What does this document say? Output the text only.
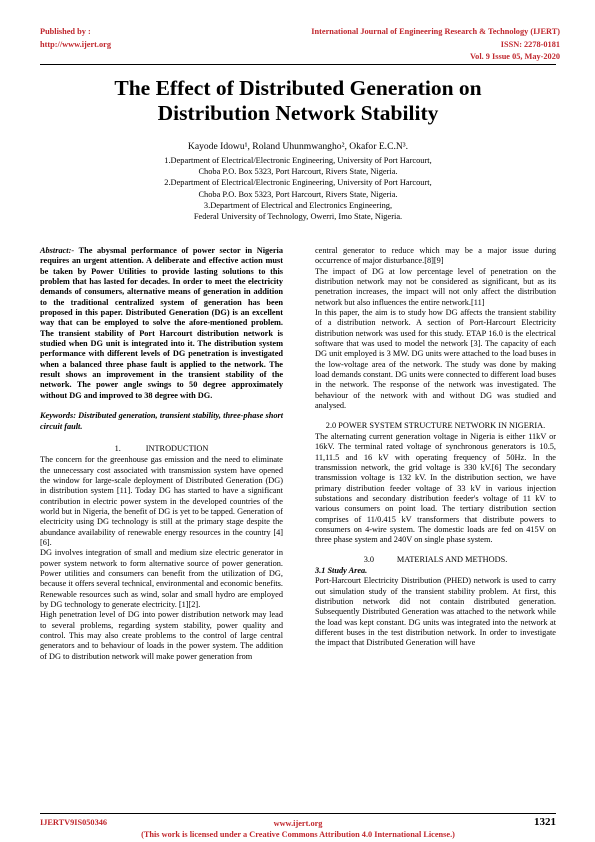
Published by :
http://www.ijert.org
International Journal of Engineering Research & Technology (IJERT)
ISSN: 2278-0181
Vol. 9 Issue 05, May-2020
The Effect of Distributed Generation on
Distribution Network Stability
Kayode Idowu¹, Roland Uhunmwangho², Okafor E.C.N³.
1.Department of Electrical/Electronic Engineering, University of Port Harcourt,
Choba P.O. Box 5323, Port Harcourt, Rivers State, Nigeria.
2.Department of Electrical/Electronic Engineering, University of Port Harcourt,
Choba P.O. Box 5323, Port Harcourt, Rivers State, Nigeria.
3.Department of Electrical and Electronics Engineering,
Federal University of Technology, Owerri, Imo State, Nigeria.

Abstract:- The abysmal performance of power sector in Nigeria requires an urgent attention. A deliberate and effective action must be taken by Power Utilities to provide lasting solutions to this problem that has lasted for decades. In order to meet the electricity demands of consumers, alternative means of generation in addition to the traditional centralized system of generation has been proposed in this paper. Distributed Generation (DG) is an excellent way that can be employed to solve the afore-mentioned problem. The transient stability of Port Harcourt distribution network is studied when DG unit is integrated into it. The distribution system performance with different levels of DG penetration is investigated when a balanced three phase fault is applied to the network. The result shows an improvement in the transient stability of the network. The power angle swings to 50 degree approximately without DG and improved to 38 degree with DG.

Keywords: Distributed generation, transient stability, three-phase short circuit fault.

1.            INTRODUCTION

The concern for the greenhouse gas emission and the need to eliminate the unnecessary cost associated with transmission system have opened the window for large-scale deployment of Distributed Generation (DG) in distribution system [11]. Today DG has started to have a significant contribution in electric power system in the developed countries of the world but in Nigeria, the benefit of DG is yet to be tapped. Generation of electricity using DG technology is still at the primary stage despite the abundance availability of renewable energy resources in the country [4][6].

DG involves integration of small and medium size electric generator in power system network to form alternative source of power generation. Power utilities and consumers can benefit from the utilization of DG, because it offers several technical, environmental and economic benefits. Renewable resources such as wind, solar and small hydro are employed by DG technology to generate electricity. [1][2].

High penetration level of DG into power distribution network may lead to several problems, regarding system stability, power quality and control. This may also create problems to the control of large central generators and to behaviour of loads in the power system. The addition of DG to distribution network will make power generation from

central generator to reduce which may be a major issue during occurrence of major disturbance.[8][9]

The impact of DG at low percentage level of penetration on the distribution network may not be considered as significant, but as its penetration increases, the impact will not only affect the distribution network but also influences the entire network.[11]

In this paper, the aim is to study how DG affects the transient stability of a distribution network. A section of Port-Harcourt Electricity distribution network was used for this study. ETAP 16.0 is the electrical software that was used to model the network [3]. The capacity of each DG unit employed is 3 MW. DG units were attached to the load buses in the low-voltage area of the network. The study was done by making load demands constant. DG units were connected to different load buses in the network. The response of the network was investigated. The behaviour of the network with and without DG was studied and analysed.

2.0 POWER SYSTEM STRUCTURE NETWORK IN NIGERIA.

The alternating current generation voltage in Nigeria is either 11kV or 16kV. The terminal rated voltage of synchronous generators is 10.5, 11,11.5 and 16 kV with operating frequency of 50Hz. In the transmission network, the grid voltage is 330 kV.[6] The secondary transmission voltage is 132 kV. In the distribution section, we have primary distribution feeder voltage of 33 kV in various injection substations and secondary distribution feeder's voltage of 11 kV to various consumers on point load. The tertiary distribution section comprises of 11/0.415 kV transformers that distribute powers to consumers on 4-wire system. The domestic loads are fed on 415V on three phase system and 240V on single phase system.

3.0           MATERIALS AND METHODS.

3.1 Study Area.

Port-Harcourt Electricity Distribution (PHED) network is used to carry out simulation study of the transient stability problem. At first, this distribution network did not contain distributed generation. Subsequently Distributed Generation was attached to the network while the load was kept constant. DG units was integrated into the network at different buses in the test distribution network. In order to investigate the impact that Distributed Generation will have

IJERTV9IS050346	www.ijert.org
(This work is licensed under a Creative Commons Attribution 4.0 International License.)
1321
